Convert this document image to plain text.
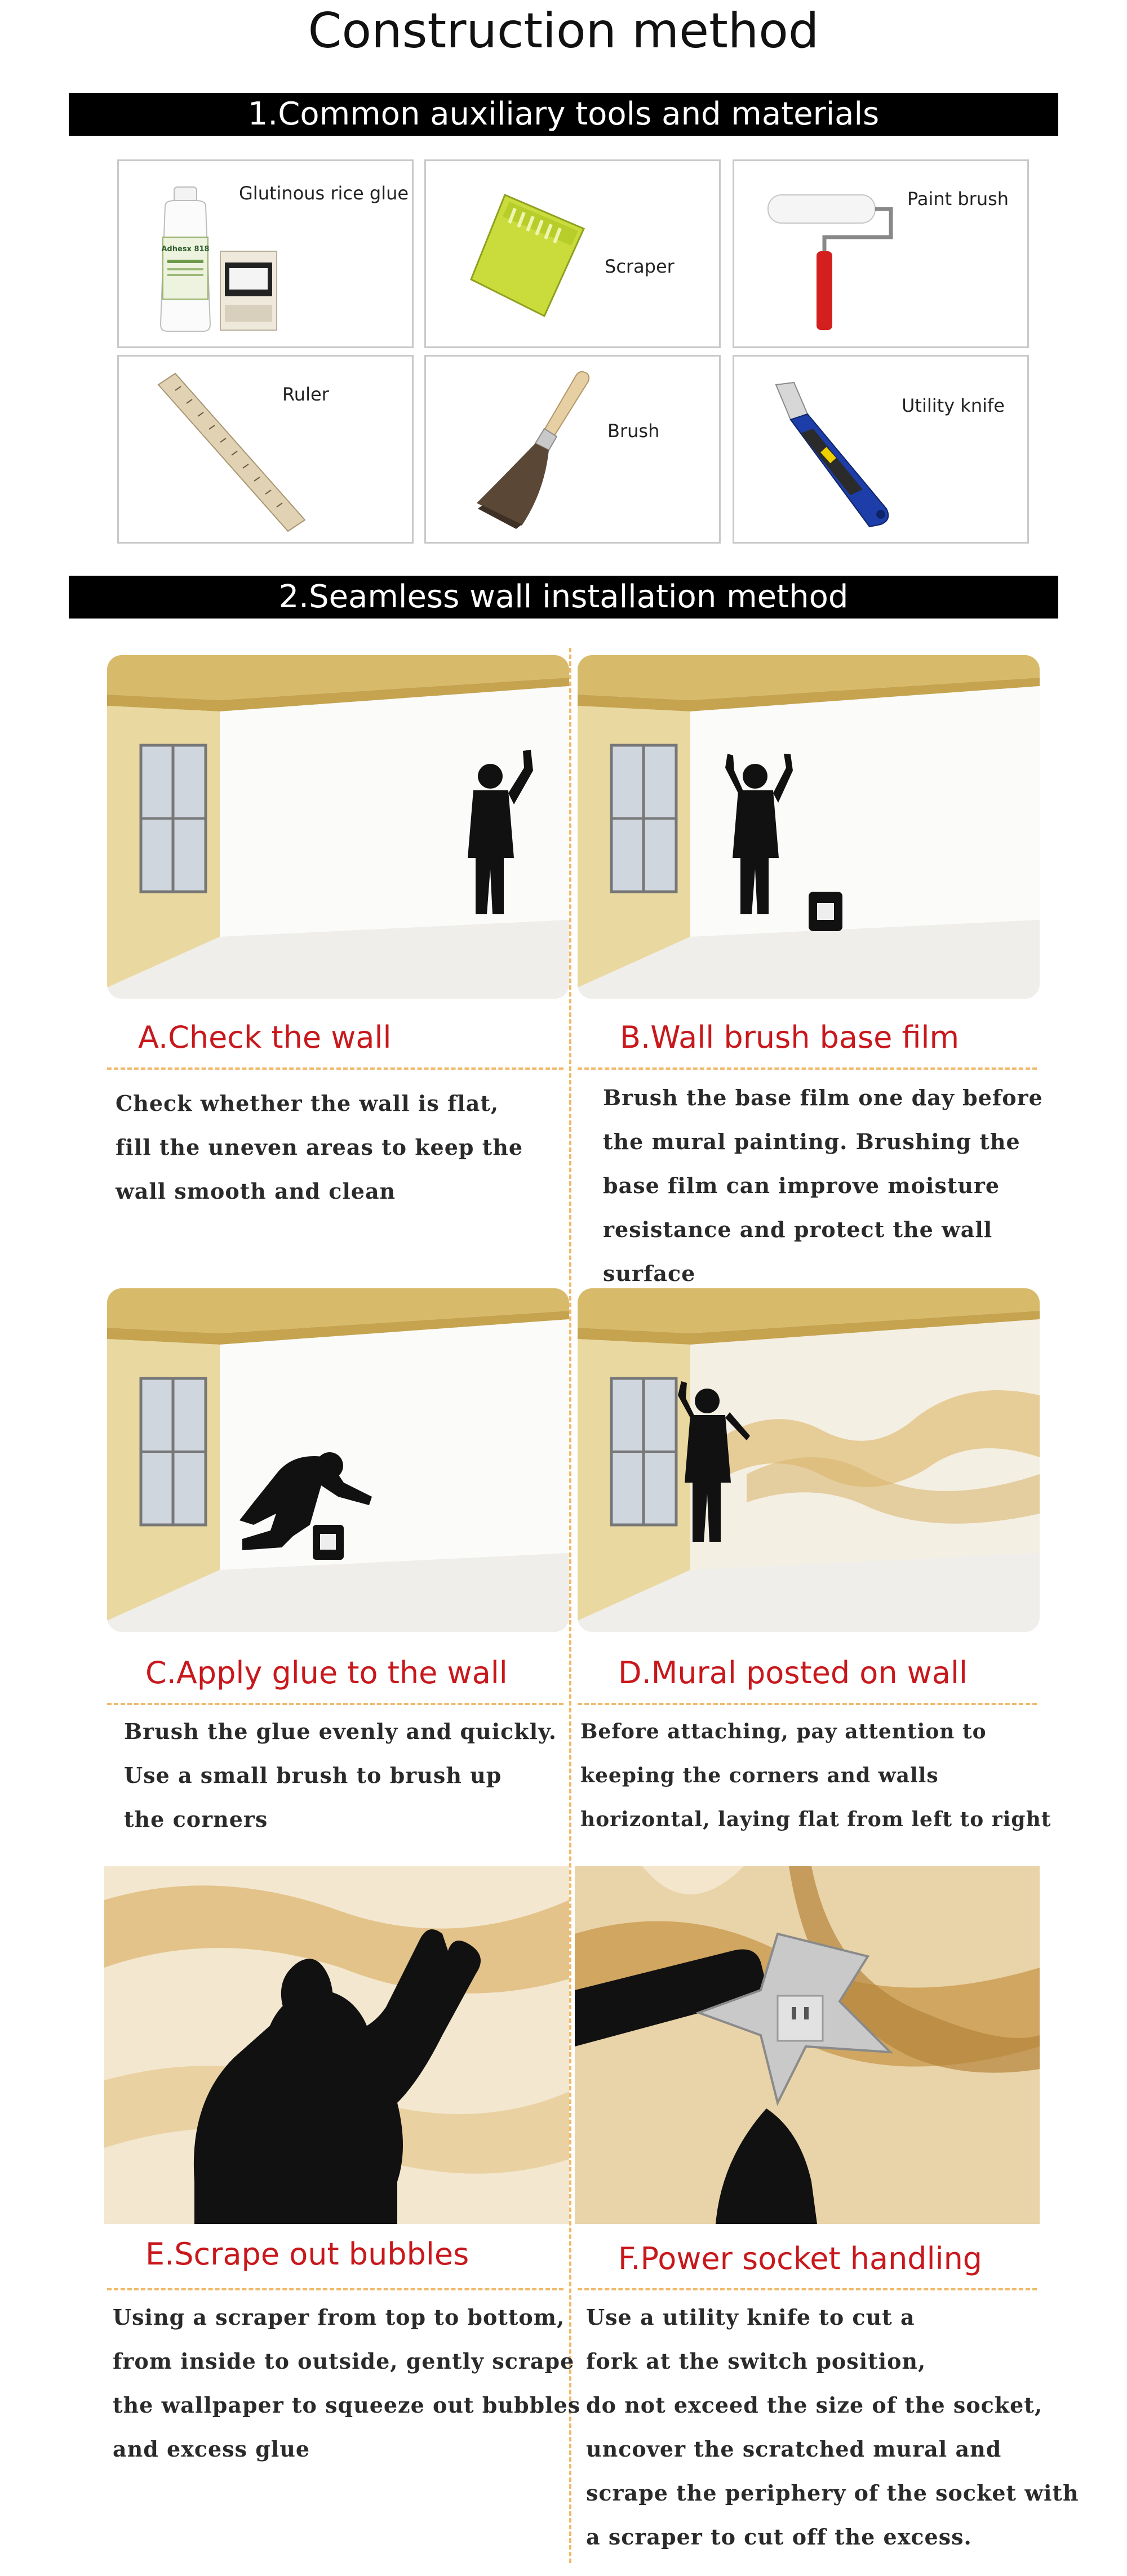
Construction method
1.Common auxiliary tools and materials
Glutinous rice glue
Adhesx 818
Scraper
Paint brush
Ruler
Brush
Utility knife
2.Seamless wall installation method
A.Check the wall	B.Wall brush base film
Check whether the wall is flat,
fill the uneven areas to keep the
wall smooth and clean
Brush the base film one day before
the mural painting. Brushing the
base film can improve moisture
resistance and protect the wall
surface
C.Apply glue to the wall	D.Mural posted on wall
Brush the glue evenly and quickly.
Use a small brush to brush up
the corners
Before attaching, pay attention to
keeping the corners and walls
horizontal, laying flat from left to right
E.Scrape out bubbles	F.Power socket handling
Using a scraper from top to bottom,
from inside to outside, gently scrape
the wallpaper to squeeze out bubbles
and excess glue
Use a utility knife to cut a
fork at the switch position,
do not exceed the size of the socket,
uncover the scratched mural and
scrape the periphery of the socket with
a scraper to cut off the excess.
